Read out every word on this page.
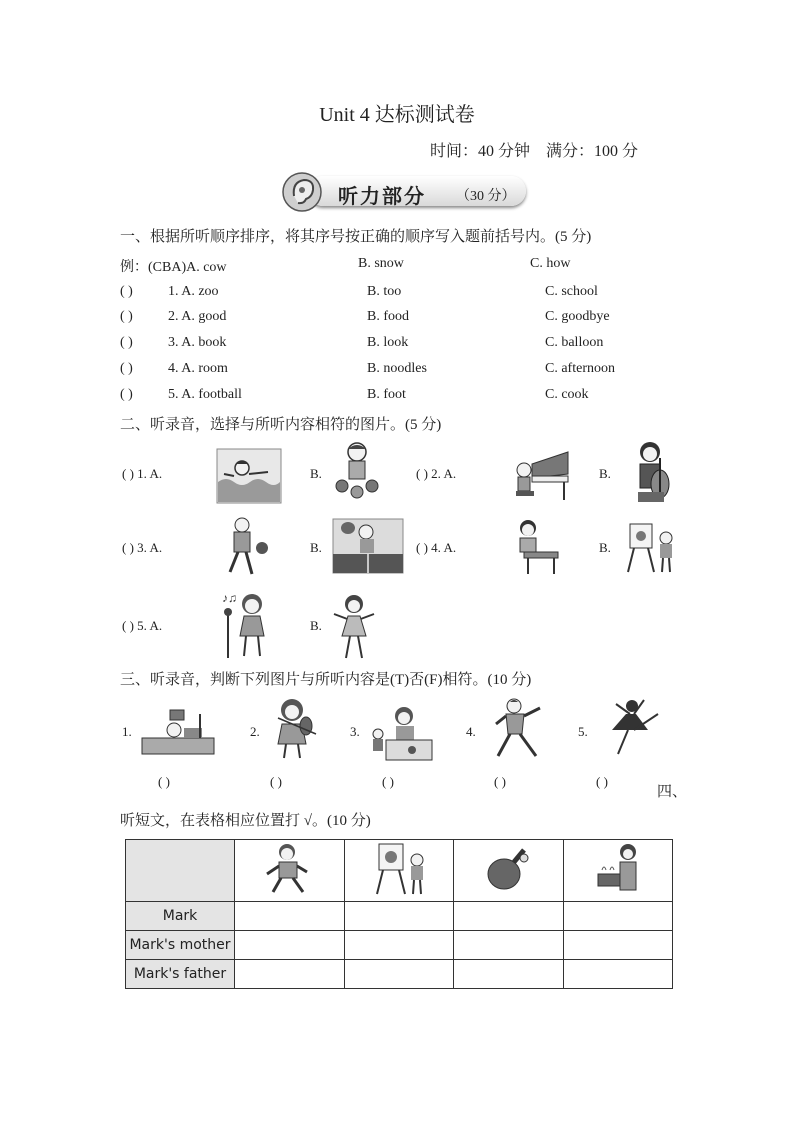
Unit 4 达标测试卷
时间：40 分钟 满分：100 分
听力部分 （30 分）
一、根据所听顺序排序，将其序号按正确的顺序写入题前括号内。(5 分)
例：(CBA)A. cow	B. snow	C. how
( )	1. A. zoo	B. too	C. school
( )	2. A. good	B. food	C. goodbye
( )	3. A. book	B. look	C. balloon
( )	4. A. room	B. noodles	C. afternoon
( )	5. A. football	B. foot	C. cook
二、听录音，选择与所听内容相符的图片。(5 分)
( ) 1. A.	B.	( ) 2. A.	B.
( ) 3. A.	B.	( ) 4. A.	B.
( ) 5. A.
♪♫
B.
三、听录音，判断下列图片与所听内容是(T)否(F)相符。(10 分)
1.
( )
2.
( )
3.
( )
4.
( )
5.
( )
四、
听短文，在表格相应位置打 √。(10 分)

Mark				
Mark's mother				
Mark's father				
